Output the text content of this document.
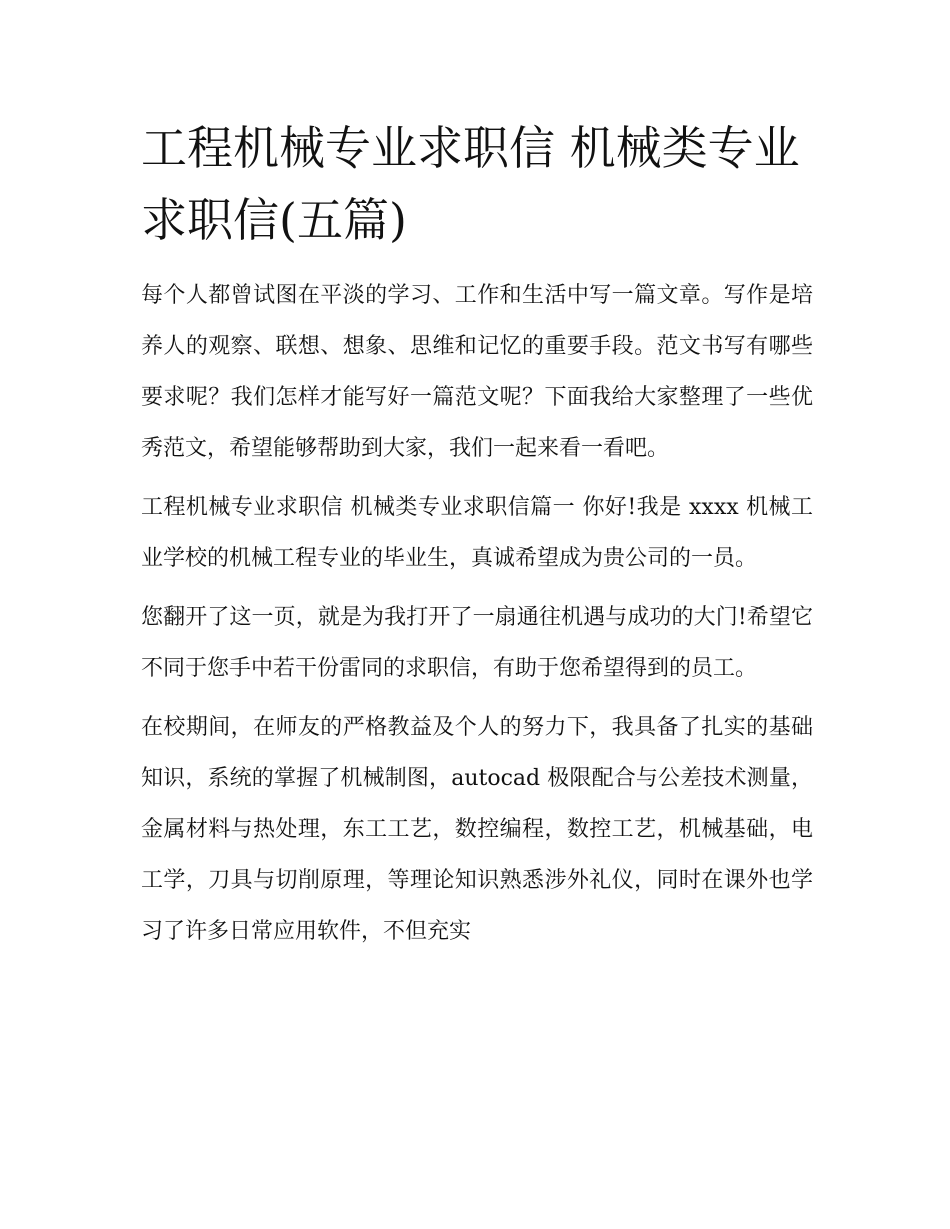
工程机械专业求职信 机械类专业求职信(五篇)

每个人都曾试图在平淡的学习、工作和生活中写一篇文章。写作是培养人的观察、联想、想象、思维和记忆的重要手段。范文书写有哪些要求呢？我们怎样才能写好一篇范文呢？下面我给大家整理了一些优秀范文，希望能够帮助到大家，我们一起来看一看吧。

工程机械专业求职信 机械类专业求职信篇一 你好!我是 xxxx 机械工业学校的机械工程专业的毕业生，真诚希望成为贵公司的一员。

您翻开了这一页，就是为我打开了一扇通往机遇与成功的大门!希望它不同于您手中若干份雷同的求职信，有助于您希望得到的员工。

在校期间，在师友的严格教益及个人的努力下，我具备了扎实的基础知识，系统的掌握了机械制图，autocad 极限配合与公差技术测量，金属材料与热处理，东工工艺，数控编程，数控工艺，机械基础，电工学，刀具与切削原理，等理论知识熟悉涉外礼仪，同时在课外也学习了许多日常应用软件，不但充实
